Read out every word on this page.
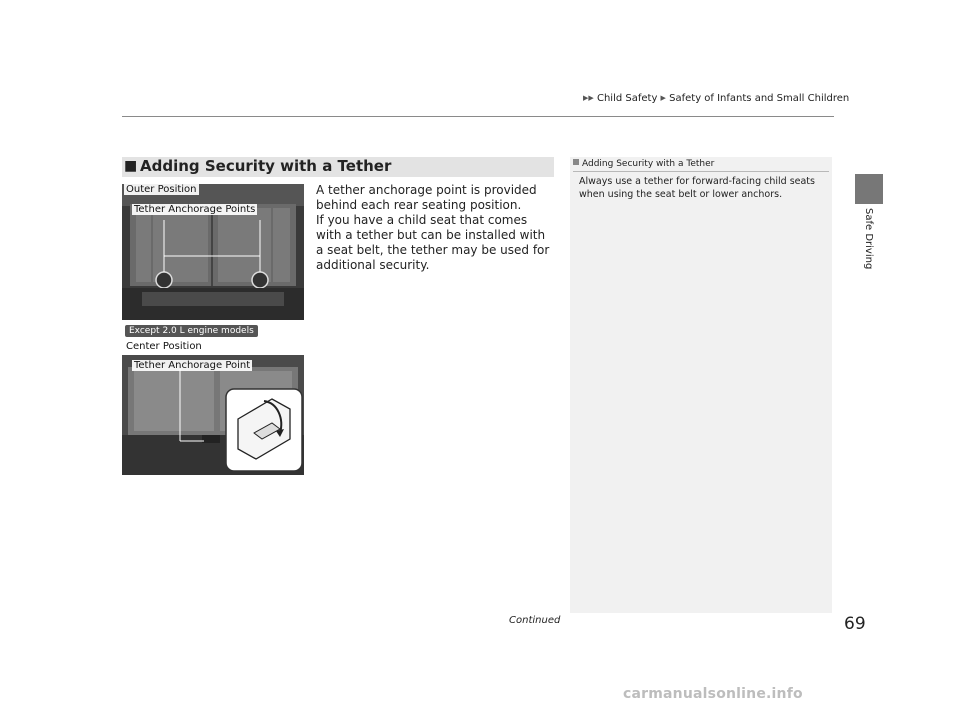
▶▶ Child Safety ▶ Safety of Infants and Small Children
Safe Driving
■ Adding Security with a Tether

A tether anchorage point is provided behind each rear seating position.

If you have a child seat that comes with a tether but can be installed with a seat belt, the tether may be used for additional security.

Adding Security with a Tether
Always use a tether for forward-facing child seats when using the seat belt or lower anchors.
Outer Position
Tether Anchorage Points
Except 2.0 L engine models
Center Position
Tether Anchorage Point
Continued	69
carmanualsonline.info
